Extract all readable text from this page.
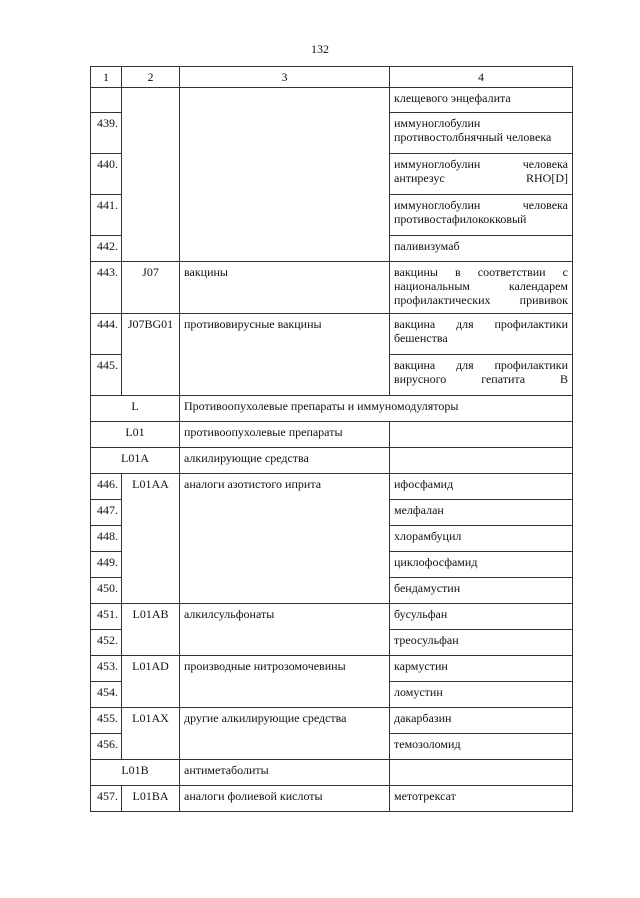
132
1	2	3	4
			клещевого энцефалита
439.			иммуноглобулин
противостолбнячный человека
440.			иммуноглобулин человека
антирезус RHO[D]

441.			иммуноглобулин человека
противостафилококковый

442.			паливизумаб
443.	J07	вакцины	вакцины в соответствии с
национальным календарем
профилактических прививок

444.	J07BG01	противовирусные вакцины	вакцина для профилактики
бешенства

445.			вакцина для профилактики
вирусного гепатита В

L		Противоопухолевые препараты и иммуномодуляторы	
L01		противоопухолевые препараты	
L01A		алкилирующие средства	
446.	L01AA	аналоги азотистого иприта	ифосфамид
447.			мелфалан
448.			хлорамбуцил
449.			циклофосфамид
450.			бендамустин
451.	L01AB	алкилсульфонаты	бусульфан
452.			треосульфан
453.	L01AD	производные нитрозомочевины	кармустин
454.			ломустин
455.	L01AX	другие алкилирующие средства	дакарбазин
456.			темозоломид
L01B		антиметаболиты	
457.	L01BA	аналоги фолиевой кислоты	метотрексат
